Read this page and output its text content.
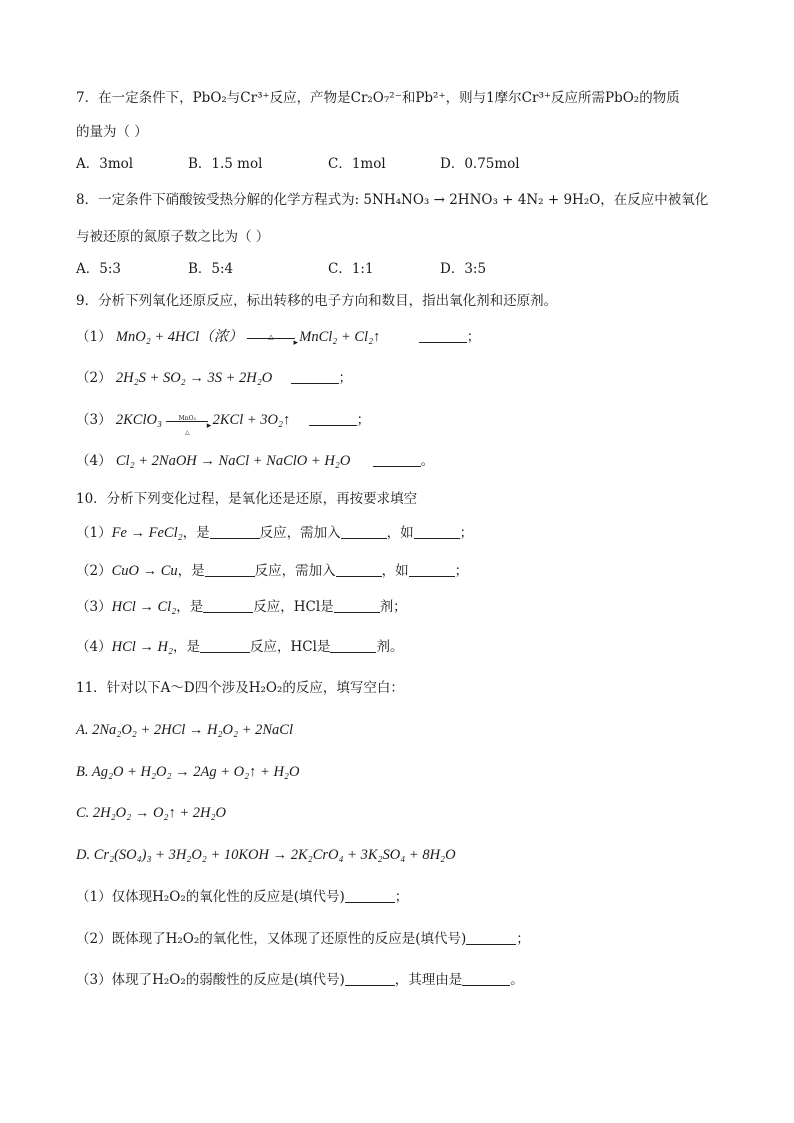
7．在一定条件下，PbO₂与Cr³⁺反应，产物是Cr₂O₇²⁻和Pb²⁺，则与1摩尔Cr³⁺反应所需PbO₂的物质
的量为（ ）
A．3mol	B．1.5 mol	C．1mol	D．0.75mol
8．一定条件下硝酸铵受热分解的化学方程式为: 5NH₄NO₃ → 2HNO₃ + 4N₂ + 9H₂O，在反应中被氧化
与被还原的氮原子数之比为（ ）
A．5:3	B．5:4	C．1:1	D．3:5
9．分析下列氧化还原反应，标出转移的电子方向和数目，指出氧化剂和还原剂。
（1） MnO₂ + 4HCl（浓）	△
▸ MnCl₂ + Cl₂↑	；
（2） 2H₂S + SO₂ → 3S + 2H₂O	；
（3） 2KClO₃	MnO₂
△
▸ 2KCl + 3O₂↑	；
（4） Cl₂ + 2NaOH → NaCl + NaClO + H₂O	。
10．分析下列变化过程，是氧化还是还原，再按要求填空
（1）Fe → FeCl₂，是	反应，需加入	，如	；
（2）CuO → Cu，是	反应，需加入	，如	；
（3）HCl → Cl₂，是	反应，HCl是	剂；
（4）HCl → H₂，是	反应，HCl是	剂。
11．针对以下A～D四个涉及H₂O₂的反应，填写空白：
A. 2Na₂O₂ + 2HCl → H₂O₂ + 2NaCl
B. Ag₂O + H₂O₂ → 2Ag + O₂↑ + H₂O
C. 2H₂O₂ → O₂↑ + 2H₂O
D. Cr₂(SO₄)₃ + 3H₂O₂ + 10KOH → 2K₂CrO₄ + 3K₂SO₄ + 8H₂O
（1）仅体现H₂O₂的氧化性的反应是(填代号)	；
（2）既体现了H₂O₂的氧化性，又体现了还原性的反应是(填代号)	；
（3）体现了H₂O₂的弱酸性的反应是(填代号)	，其理由是	。
